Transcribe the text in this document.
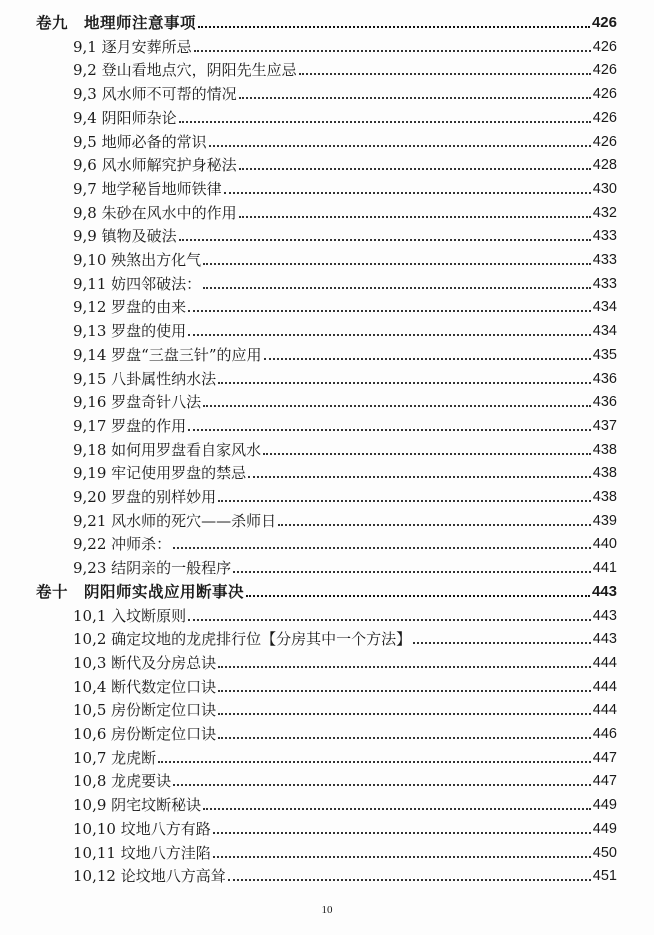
卷九　地理师注意事项	426
9,1 逐月安葬所忌	426
9,2 登山看地点穴，阴阳先生应忌	426
9,3 风水师不可帮的情况	426
9,4 阴阳师杂论	426
9,5 地师必备的常识	426
9,6 风水师解究护身秘法	428
9,7 地学秘旨地师铁律	430
9,8 朱砂在风水中的作用	432
9,9 镇物及破法	433
9,10 殃煞出方化气	433
9,11 妨四邻破法：	433
9,12 罗盘的由来	434
9,13 罗盘的使用	434
9,14 罗盘“三盘三针”的应用	435
9,15 八卦属性纳水法	436
9,16 罗盘奇针八法	436
9,17 罗盘的作用	437
9,18 如何用罗盘看自家风水	438
9,19 牢记使用罗盘的禁忌	438
9,20 罗盘的别样妙用	438
9,21 风水师的死穴——杀师日	439
9,22 冲师杀：	440
9,23 结阴亲的一般程序	441
卷十　阴阳师实战应用断事决	443
10,1 入坟断原则	443
10,2 确定坟地的龙虎排行位【分房其中一个方法】	443
10,3 断代及分房总诀	444
10,4 断代数定位口诀	444
10,5 房份断定位口诀	444
10,6 房份断定位口诀	446
10,7 龙虎断	447
10,8 龙虎要诀	447
10,9 阴宅坟断秘诀	449
10,10 坟地八方有路	449
10,11 坟地八方洼陷	450
10,12 论坟地八方高耸	451
10
